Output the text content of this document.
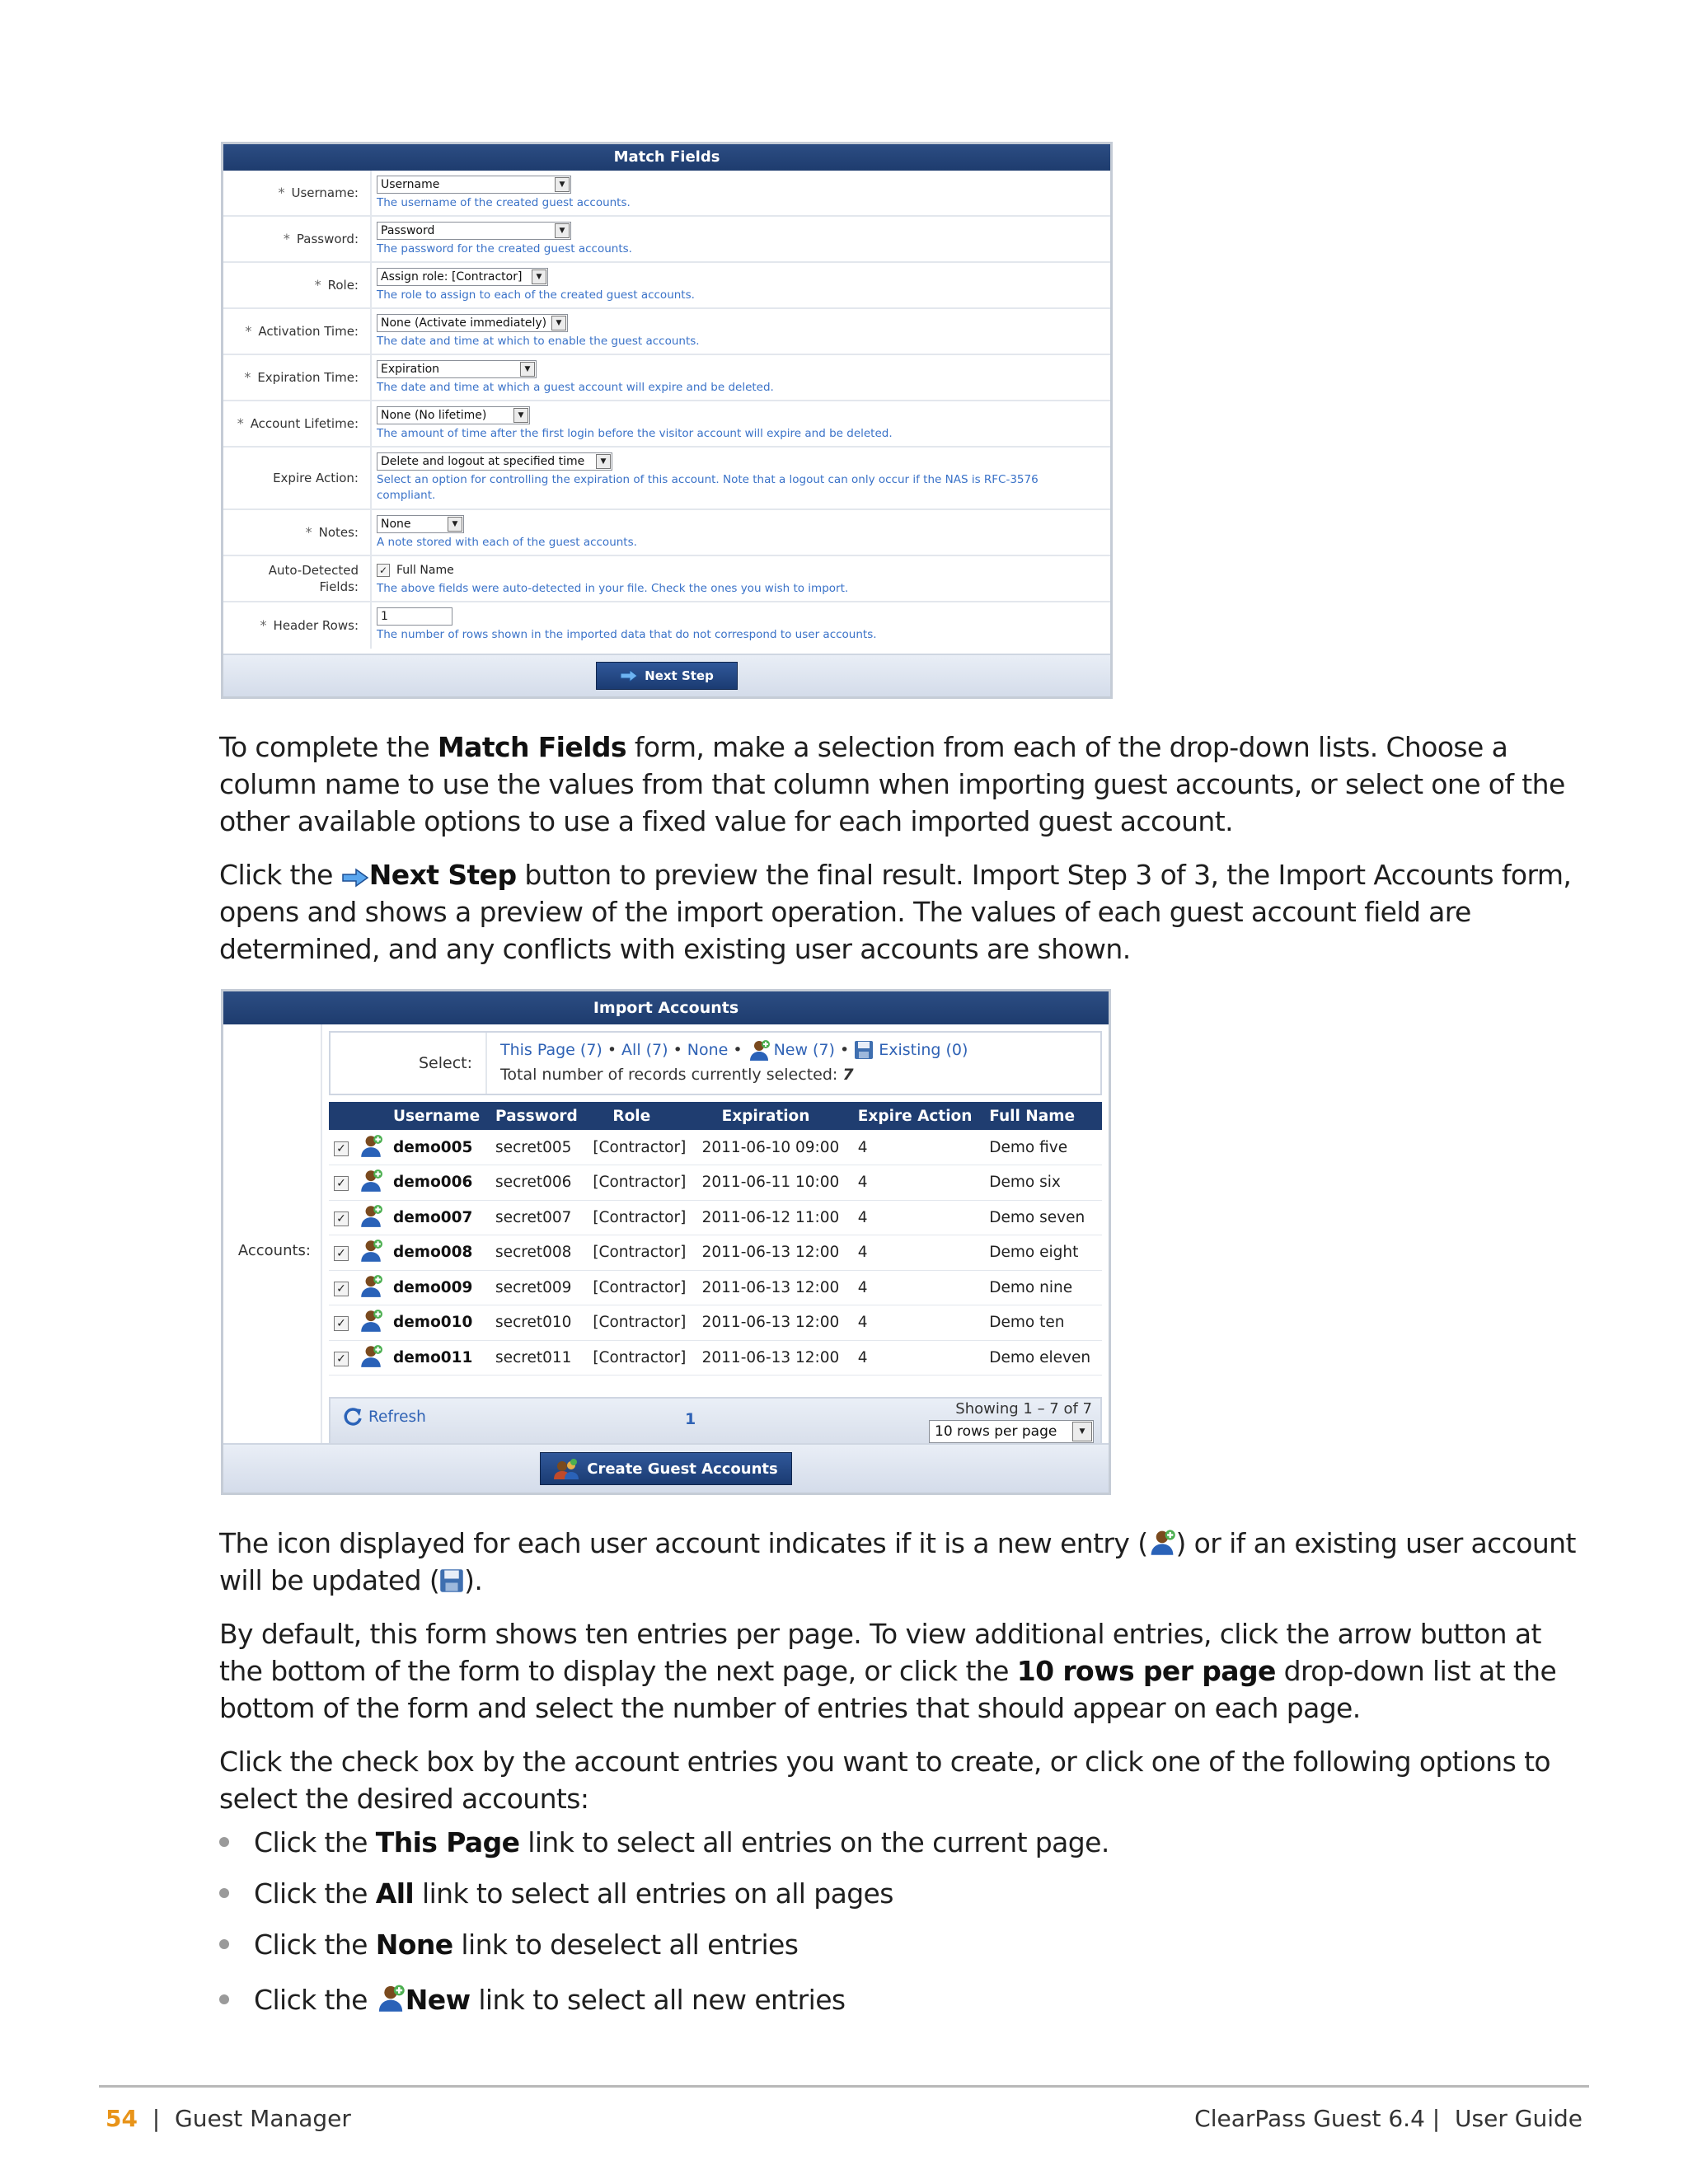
Match Fields
* Username:
Username	▼
The username of the created guest accounts.
* Password:
Password	▼
The password for the created guest accounts.
* Role:
Assign role: [Contractor]	▼
The role to assign to each of the created guest accounts.
* Activation Time:
None (Activate immediately)	▼
The date and time at which to enable the guest accounts.
* Expiration Time:
Expiration	▼
The date and time at which a guest account will expire and be deleted.
* Account Lifetime:
None (No lifetime)	▼
The amount of time after the first login before the visitor account will expire and be deleted.
Expire Action:
Delete and logout at specified time	▼
Select an option for controlling the expiration of this account. Note that a logout can only occur if the NAS is RFC-3576 compliant.
* Notes:
None	▼
A note stored with each of the guest accounts.
Auto-Detected Fields:
✓ Full Name
The above fields were auto-detected in your file. Check the ones you wish to import.
* Header Rows:
1
The number of rows shown in the imported data that do not correspond to user accounts.
Next Step

To complete the Match Fields form, make a selection from each of the drop-down lists. Choose a column name to use the values from that column when importing guest accounts, or select one of the other available options to use a fixed value for each imported guest account.

Click the Next Step button to preview the final result. Import Step 3 of 3, the Import Accounts form, opens and shows a preview of the import operation. The values of each guest account field are determined, and any conflicts with existing user accounts are shown.

Import Accounts
Accounts:
Select:
This Page (7) • All (7) • None • New (7) • Existing (0)
Total number of records currently selected: 7
		Username	Password	Role	Expiration	Expire Action	Full Name
✓		demo005	secret005	[Contractor]	2011-06-10 09:00	4	Demo five
✓		demo006	secret006	[Contractor]	2011-06-11 10:00	4	Demo six
✓		demo007	secret007	[Contractor]	2011-06-12 11:00	4	Demo seven
✓		demo008	secret008	[Contractor]	2011-06-13 12:00	4	Demo eight
✓		demo009	secret009	[Contractor]	2011-06-13 12:00	4	Demo nine
✓		demo010	secret010	[Contractor]	2011-06-13 12:00	4	Demo ten
✓		demo011	secret011	[Contractor]	2011-06-13 12:00	4	Demo eleven
Refresh	1
Showing 1 – 7 of 7
10 rows per page	▼
Create Guest Accounts

The icon displayed for each user account indicates if it is a new entry ( ) or if an existing user account will be updated ( ).

By default, this form shows ten entries per page. To view additional entries, click the arrow button at the bottom of the form to display the next page, or click the 10 rows per page drop-down list at the bottom of the form and select the number of entries that should appear on each page.

Click the check box by the account entries you want to create, or click one of the following options to select the desired accounts:

Click the This Page link to select all entries on the current page.
Click the All link to select all entries on all pages
Click the None link to deselect all entries
Click the New link to select all new entries
54 | Guest Manager	ClearPass Guest 6.4 | User Guide
